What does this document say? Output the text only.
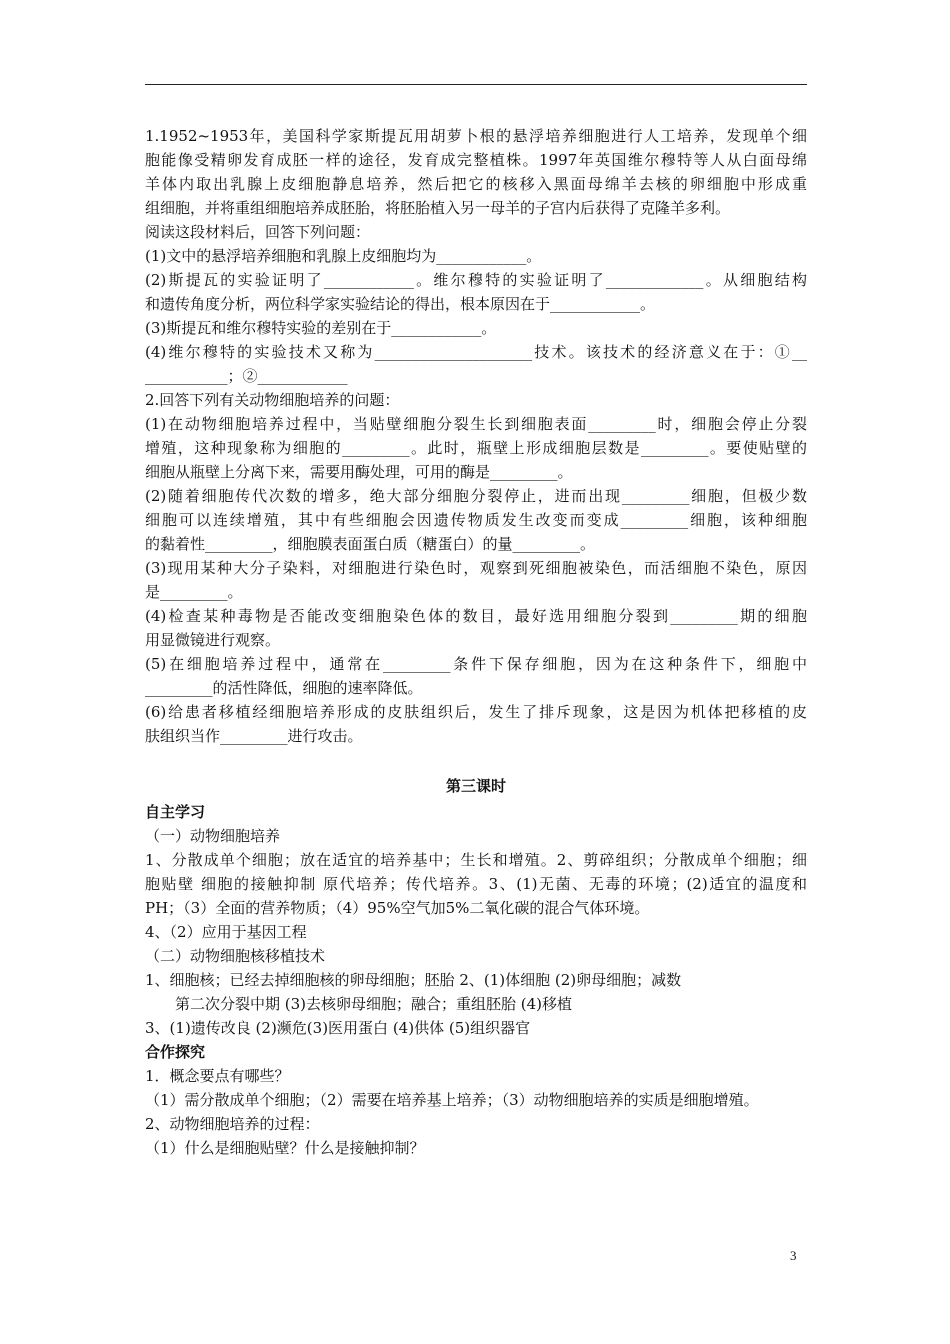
1.1952~1953年，美国科学家斯提瓦用胡萝卜根的悬浮培养细胞进行人工培养，发现单个细
胞能像受精卵发育成胚一样的途径，发育成完整植株。1997年英国维尔穆特等人从白面母绵
羊体内取出乳腺上皮细胞静息培养，然后把它的核移入黑面母绵羊去核的卵细胞中形成重
组细胞，并将重组细胞培养成胚胎，将胚胎植入另一母羊的子宫内后获得了克隆羊多利。
阅读这段材料后，回答下列问题：
(1)文中的悬浮培养细胞和乳腺上皮细胞均为____________。
(2)斯提瓦的实验证明了____________。维尔穆特的实验证明了_____________。从细胞结构
和遗传角度分析，两位科学家实验结论的得出，根本原因在于____________。
(3)斯提瓦和维尔穆特实验的差别在于____________。
(4)维尔穆特的实验技术又称为_____________________技术。该技术的经济意义在于：①__
___________；②____________
2.回答下列有关动物细胞培养的问题：
(1)在动物细胞培养过程中，当贴壁细胞分裂生长到细胞表面_________时，细胞会停止分裂
增殖，这种现象称为细胞的_________。此时，瓶壁上形成细胞层数是_________。要使贴壁的
细胞从瓶壁上分离下来，需要用酶处理，可用的酶是_________。
(2)随着细胞传代次数的增多，绝大部分细胞分裂停止，进而出现_________细胞，但极少数
细胞可以连续增殖，其中有些细胞会因遗传物质发生改变而变成_________细胞，该种细胞
的黏着性_________，细胞膜表面蛋白质（糖蛋白）的量_________。
(3)现用某种大分子染料，对细胞进行染色时，观察到死细胞被染色，而活细胞不染色，原因
是_________。
(4)检查某种毒物是否能改变细胞染色体的数目，最好选用细胞分裂到_________期的细胞
用显微镜进行观察。
(5)在细胞培养过程中，通常在_________条件下保存细胞，因为在这种条件下，细胞中
_________的活性降低，细胞的速率降低。
(6)给患者移植经细胞培养形成的皮肤组织后，发生了排斥现象，这是因为机体把移植的皮
肤组织当作_________进行攻击。
第三课时
自主学习
（一）动物细胞培养
1、分散成单个细胞；放在适宜的培养基中；生长和增殖。2、剪碎组织；分散成单个细胞；细
胞贴壁 细胞的接触抑制 原代培养；传代培养。3、(1)无菌、无毒的环境；(2)适宜的温度和
PH；（3）全面的营养物质；（4）95%空气加5%二氧化碳的混合气体环境。
4、（2）应用于基因工程
（二）动物细胞核移植技术
1、细胞核；已经去掉细胞核的卵母细胞；胚胎 2、(1)体细胞 (2)卵母细胞；减数
第二次分裂中期 (3)去核卵母细胞；融合；重组胚胎 (4)移植
3、(1)遗传改良 (2)濒危(3)医用蛋白 (4)供体 (5)组织器官
合作探究
1．概念要点有哪些？
（1）需分散成单个细胞；（2）需要在培养基上培养；（3）动物细胞培养的实质是细胞增殖。
2、动物细胞培养的过程：
（1）什么是细胞贴壁？什么是接触抑制？
3
